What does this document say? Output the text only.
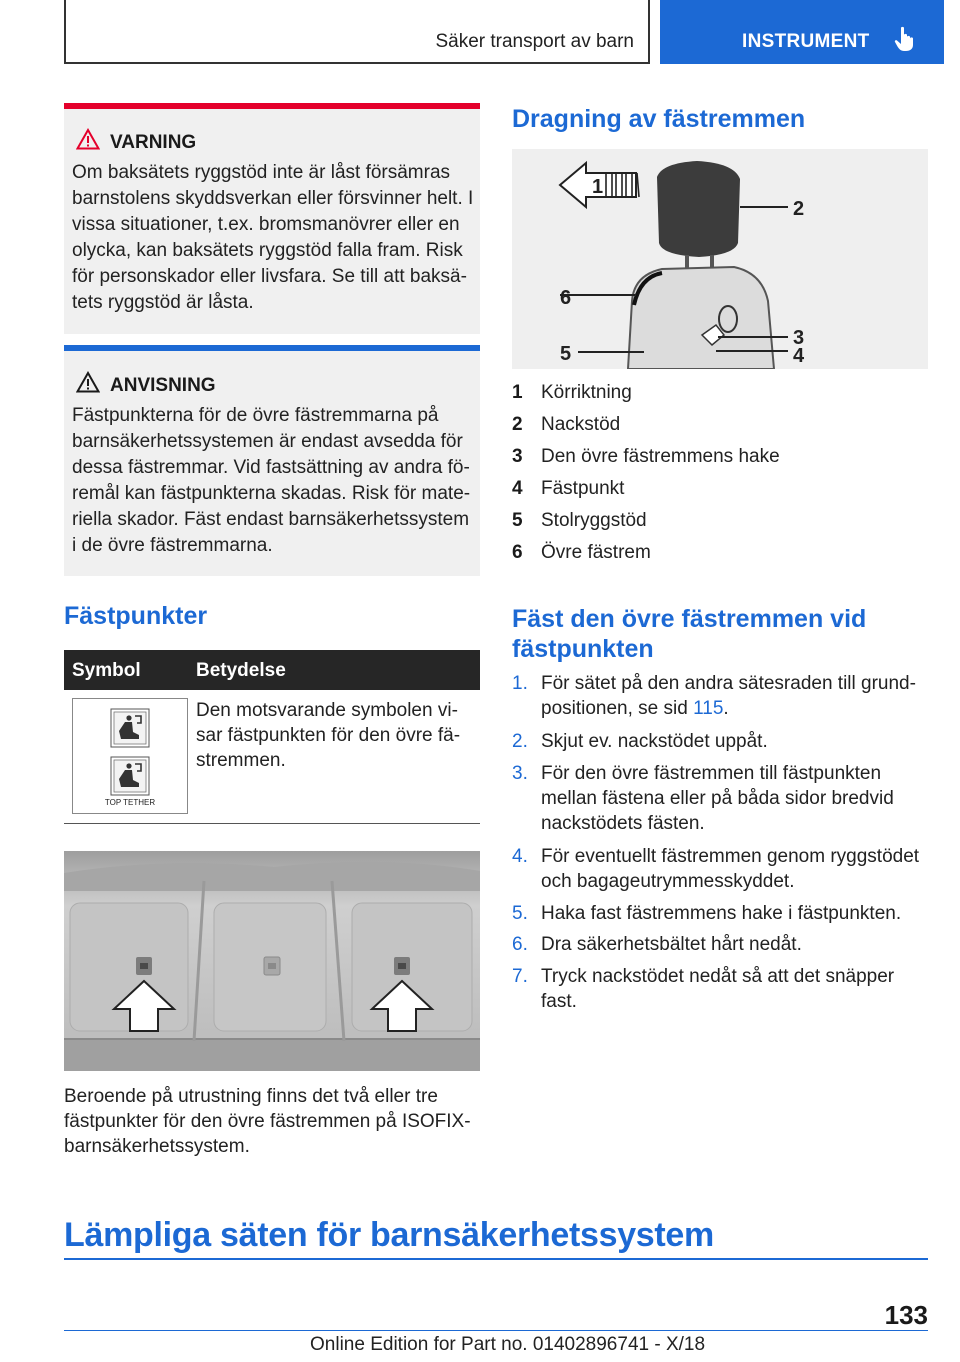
Säker transport av barn	INSTRUMENT
VARNING
Om baksätets ryggstöd inte är låst försämras
barnstolens skyddsverkan eller försvinner helt. I
vissa situationer, t.ex. bromsmanövrer eller en
olycka, kan baksätets ryggstöd falla fram. Risk
för personskador eller livsfara. Se till att baksä-
tets ryggstöd är låsta.
ANVISNING
Fästpunkterna för de övre fästremmarna på
barnsäkerhetssystemen är endast avsedda för
dessa fästremmar. Vid fastsättning av andra fö-
remål kan fästpunkterna skadas. Risk för mate-
riella skador. Fäst endast barnsäkerhetssystem
i de övre fästremmarna.
Fästpunkter
Symbol	Betydelse
TOP TETHER
Den motsvarande symbolen vi-
sar fästpunkten för den övre fä-
stremmen.
Beroende på utrustning finns det två eller tre
fästpunkter för den övre fästremmen på ISOFIX-
barnsäkerhetssystem.
Dragning av fästremmen
1
2
6
5
3
4
1 Körriktning
2 Nackstöd
3 Den övre fästremmens hake
4 Fästpunkt
5 Stolryggstöd
6 Övre fästrem
Fäst den övre fästremmen vid
fästpunkten
1. För sätet på den andra sätesraden till grund-
positionen, se sid 115.
2. Skjut ev. nackstödet uppåt.
3. För den övre fästremmen till fästpunkten
mellan fästena eller på båda sidor bredvid
nackstödets fästen.
4. För eventuellt fästremmen genom ryggstödet
och bagageutrymmesskyddet.
5. Haka fast fästremmens hake i fästpunkten.
6. Dra säkerhetsbältet hårt nedåt.
7. Tryck nackstödet nedåt så att det snäpper
fast.
Lämpliga säten för barnsäkerhetssystem
133
Online Edition for Part no. 01402896741 - X/18
